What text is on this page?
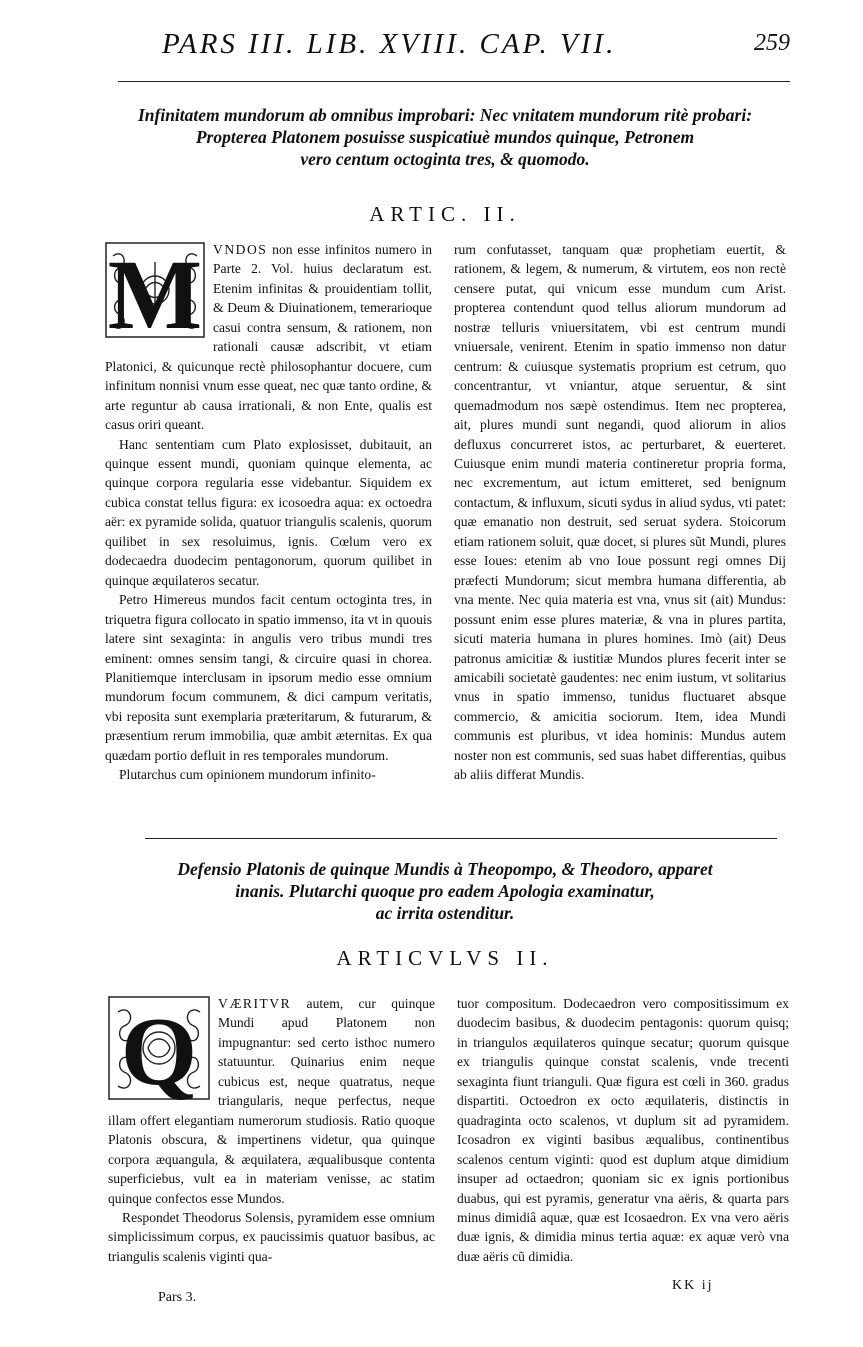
PARS III. LIB. XVIII. CAP. VII.	259
Infinitatem mundorum ab omnibus improbari: Nec vnitatem mundorum ritè probari:
Propterea Platonem posuisse suspicatiuè mundos quinque, Petronem
vero centum octoginta tres, & quomodo.
ARTIC. II.
M VNDOS non esse infinitos numero in Parte 2. Vol. huius declaratum est. Etenim infinitas & prouidentiam tollit, & Deum & Diuinationem, temerarioque casui contra sensum, & rationem, non rationali causæ adscribit, vt etiam Platonici, & quicunque rectè philosophantur docuere, cum infinitum nonnisi vnum esse queat, nec quæ tanto ordine, & arte reguntur ab causa irrationali, & non Ente, qualis est casus oriri queant.

Hanc sententiam cum Plato explosisset, dubitauit, an quinque essent mundi, quoniam quinque elementa, ac quinque corpora regularia esse videbantur. Siquidem ex cubica constat tellus figura: ex icosoedra aqua: ex octoedra aër: ex pyramide solida, quatuor triangulis scalenis, quorum quilibet in sex resoluimus, ignis. Cœlum vero ex dodecaedra duodecim pentagonorum, quorum quilibet in quinque æquilateros secatur.

Petro Himereus mundos facit centum octoginta tres, in triquetra figura collocato in spatio immenso, ita vt in quouis latere sint sexaginta: in angulis vero tribus mundi tres eminent: omnes sensim tangi, & circuire quasi in chorea. Planitiemque interclusam in ipsorum medio esse omnium mundorum focum communem, & dici campum veritatis, vbi reposita sunt exemplaria præteritarum, & futurarum, & præsentium rerum immobilia, quæ ambit æternitas. Ex qua quædam portio defluit in res temporales mundorum.

Plutarchus cum opinionem mundorum infinito-

rum confutasset, tanquam quæ prophetiam euertit, & rationem, & legem, & numerum, & virtutem, eos non rectè censere putat, qui vnicum esse mundum cum Arist. propterea contendunt quod tellus aliorum mundorum ad nostræ telluris vniuersitatem, vbi est centrum mundi vniuersale, venirent. Etenim in spatio immenso non datur centrum: & cuiusque systematis proprium est cetrum, quo concentrantur, vt vniantur, atque seruentur, & sint quemadmodum nos sæpè ostendimus. Item nec propterea, ait, plures mundi sunt negandi, quod aliorum in alios defluxus concurreret istos, ac perturbaret, & euerteret. Cuiusque enim mundi materia contineretur propria forma, nec excrementum, aut ictum emitteret, sed benignum contactum, & influxum, sicuti sydus in aliud sydus, vti patet: quæ emanatio non destruit, sed seruat sydera. Stoicorum etiam rationem soluit, quæ docet, si plures sũt Mundi, plures esse Ioues: etenim ab vno Ioue possunt regi omnes Dij præfecti Mundorum; sicut membra humana differentia, ab vna mente. Nec quia materia est vna, vnus sit (ait) Mundus: possunt enim esse plures materiæ, & vna in plures partita, sicuti materia humana in plures homines. Imò (ait) Deus patronus amicitiæ & iustitiæ Mundos plures fecerit inter se amicabili societatè gaudentes: nec enim iustum, vt solitarius vnus in spatio immenso, tunidus fluctuaret absque commercio, & amicitia sociorum. Item, idea Mundi communis est pluribus, vt idea hominis: Mundus autem noster non est communis, sed suas habet differentias, quibus ab aliis differat Mundis.

Defensio Platonis de quinque Mundis à Theopompo, & Theodoro, apparet
inanis. Plutarchi quoque pro eadem Apologia examinatur,
ac irrita ostenditur.
ARTICVLVS II.
Q	VÆRITVR autem, cur quinque Mundi apud Platonem non impugnantur: sed certo isthoc numero statuuntur. Quinarius enim neque cubicus est, neque quatratus, neque triangularis, neque perfectus, neque illam offert elegantiam numerorum studiosis. Ratio quoque Platonis obscura, & impertinens videtur, qua quinque corpora æquangula, & æquilatera, æqualibusque contenta superficiebus, vult ea in materiam venisse, ac statim quinque confectos esse Mundos.

Respondet Theodorus Solensis, pyramidem esse omnium simplicissimum corpus, ex paucissimis quatuor basibus, ac triangulis scalenis viginti qua-

tuor compositum. Dodecaedron vero compositissimum ex duodecim basibus, & duodecim pentagonis: quorum quisq; in triangulos æquilateros quinque secatur; quorum quisque ex triangulis quinque constat scalenis, vnde trecenti sexaginta fiunt trianguli. Quæ figura est cœli in 360. gradus dispartiti. Octoedron ex octo æquilateris, distinctis in quadraginta octo scalenos, vt duplum sit ad pyramidem. Icosadron ex viginti basibus æqualibus, continentibus scalenos centum viginti: quod est duplum atque dimidium insuper ad octaedron; quoniam sic ex ignis portionibus duabus, qui est pyramis, generatur vna aëris, & quarta pars minus dimidiâ aquæ, quæ est Icosaedron. Ex vna vero aëris duæ ignis, & dimidia minus tertia aquæ: ex aquæ verò vna duæ aëris cũ dimidia.

Pars 3.
KK ij
